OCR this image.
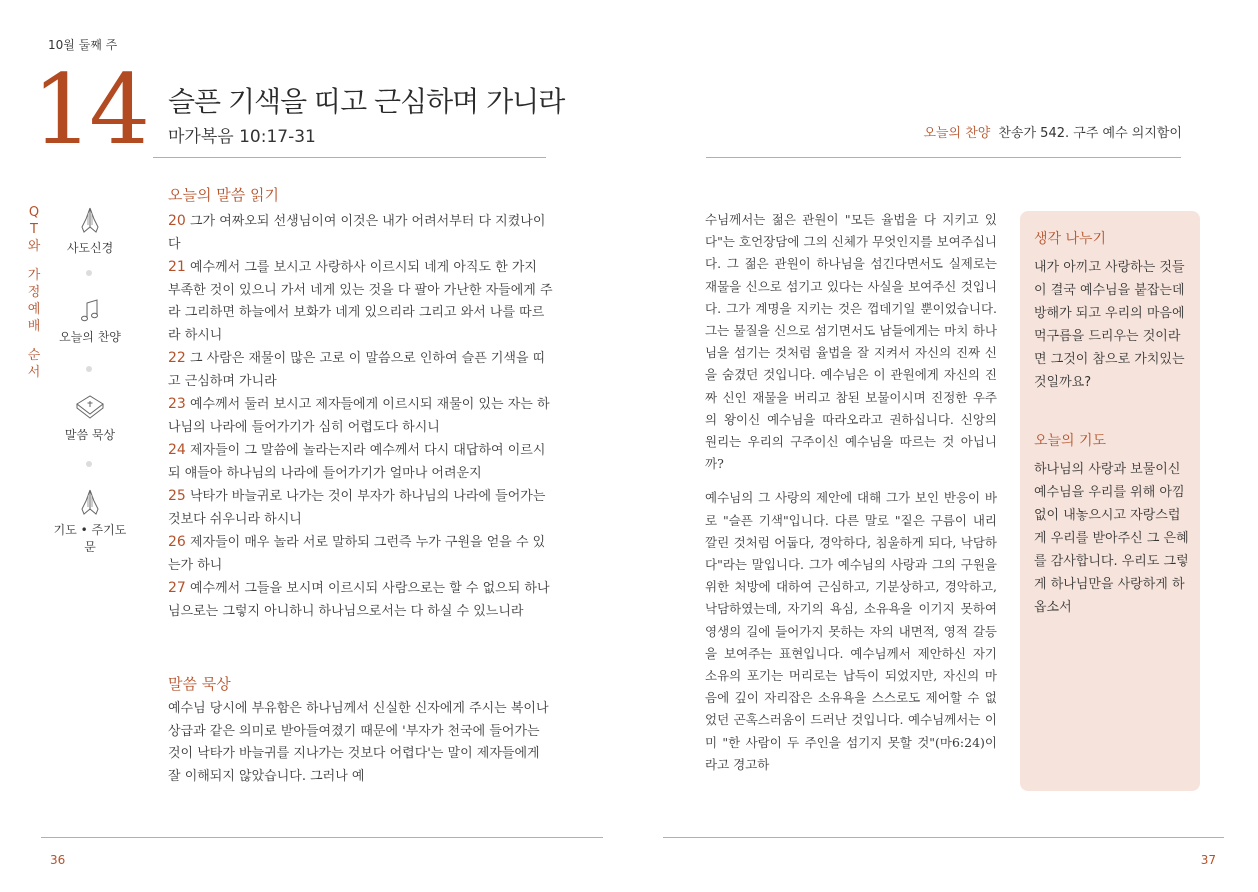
10월 둘째 주
14 슬픈 기색을 띠고 근심하며 가니라
마가복음 10:17-31	오늘의 찬양 찬송가 542. 구주 예수 의지함이
Q
T
와
가
정
예
배
순
서
사도신경
오늘의 찬양
말씀 묵상
기도 • 주기도문
오늘의 말씀 읽기
20 그가 여짜오되 선생님이여 이것은 내가 어려서부터 다 지켰나이다
21 예수께서 그를 보시고 사랑하사 이르시되 네게 아직도 한 가지 부족한 것이 있으니 가서 네게 있는 것을 다 팔아 가난한 자들에게 주라 그리하면 하늘에서 보화가 네게 있으리라 그리고 와서 나를 따르라 하시니
22 그 사람은 재물이 많은 고로 이 말씀으로 인하여 슬픈 기색을 띠고 근심하며 가니라
23 예수께서 둘러 보시고 제자들에게 이르시되 재물이 있는 자는 하나님의 나라에 들어가기가 심히 어렵도다 하시니
24 제자들이 그 말씀에 놀라는지라 예수께서 다시 대답하여 이르시되 얘들아 하나님의 나라에 들어가기가 얼마나 어려운지
25 낙타가 바늘귀로 나가는 것이 부자가 하나님의 나라에 들어가는 것보다 쉬우니라 하시니
26 제자들이 매우 놀라 서로 말하되 그런즉 누가 구원을 얻을 수 있는가 하니
27 예수께서 그들을 보시며 이르시되 사람으로는 할 수 없으되 하나님으로는 그렇지 아니하니 하나님으로서는 다 하실 수 있느니라
말씀 묵상
예수님 당시에 부유함은 하나님께서 신실한 신자에게 주시는 복이나 상급과 같은 의미로 받아들여졌기 때문에 '부자가 천국에 들어가는 것이 낙타가 바늘귀를 지나가는 것보다 어렵다'는 말이 제자들에게 잘 이해되지 않았습니다. 그러나 예

수님께서는 젊은 관원이 "모든 율법을 다 지키고 있다"는 호언장담에 그의 신체가 무엇인지를 보여주십니다. 그 젊은 관원이 하나님을 섬긴다면서도 실제로는 재물을 신으로 섬기고 있다는 사실을 보여주신 것입니다. 그가 계명을 지키는 것은 껍데기일 뿐이었습니다. 그는 물질을 신으로 섬기면서도 남들에게는 마치 하나님을 섬기는 것처럼 율법을 잘 지켜서 자신의 진짜 신을 숨겼던 것입니다. 예수님은 이 관원에게 자신의 진짜 신인 재물을 버리고 참된 보물이시며 진정한 우주의 왕이신 예수님을 따라오라고 권하십니다. 신앙의 원리는 우리의 구주이신 예수님을 따르는 것 아닙니까?

예수님의 그 사랑의 제안에 대해 그가 보인 반응이 바로 "슬픈 기색"입니다. 다른 말로 "짙은 구름이 내리 깔린 것처럼 어둡다, 경악하다, 침울하게 되다, 낙담하다"라는 말입니다. 그가 예수님의 사랑과 그의 구원을 위한 처방에 대하여 근심하고, 기분상하고, 경악하고, 낙담하였는데, 자기의 욕심, 소유욕을 이기지 못하여 영생의 길에 들어가지 못하는 자의 내면적, 영적 갈등을 보여주는 표현입니다. 예수님께서 제안하신 자기 소유의 포기는 머리로는 납득이 되었지만, 자신의 마음에 깊이 자리잡은 소유욕을 스스로도 제어할 수 없었던 곤혹스러움이 드러난 것입니다. 예수님께서는 이미 "한 사람이 두 주인을 섬기지 못할 것"(마6:24)이라고 경고하

생각 나누기
내가 아끼고 사랑하는 것들이 결국 예수님을 붙잡는데 방해가 되고 우리의 마음에 먹구름을 드리우는 것이라면 그것이 참으로 가치있는 것일까요?
오늘의 기도
하나님의 사랑과 보물이신 예수님을 우리를 위해 아낌없이 내놓으시고 자랑스럽게 우리를 받아주신 그 은혜를 감사합니다. 우리도 그렇게 하나님만을 사랑하게 하옵소서
36	37
